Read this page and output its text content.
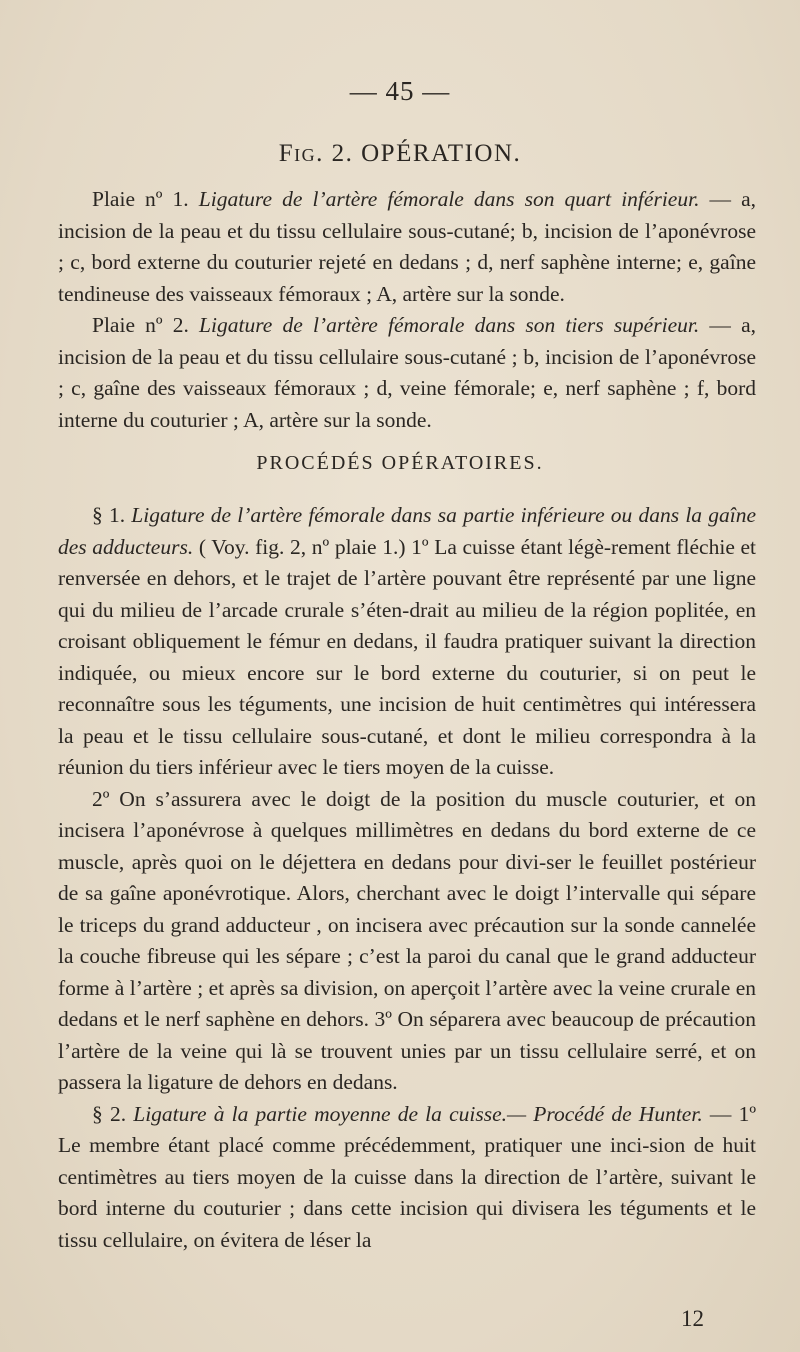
— 45 —
Fig. 2. OPÉRATION.

Plaie nº 1. Ligature de l’artère fémorale dans son quart inférieur. — a, incision de la peau et du tissu cellulaire sous-cutané; b, incision de l’aponévrose ; c, bord externe du couturier rejeté en dedans ; d, nerf saphène interne; e, gaîne tendineuse des vaisseaux fémoraux ; A, artère sur la sonde.

Plaie nº 2. Ligature de l’artère fémorale dans son tiers supérieur. — a, incision de la peau et du tissu cellulaire sous-cutané ; b, incision de l’aponévrose ; c, gaîne des vaisseaux fémoraux ; d, veine fémorale; e, nerf saphène ; f, bord interne du couturier ; A, artère sur la sonde.

PROCÉDÉS OPÉRATOIRES.

§ 1. Ligature de l’artère fémorale dans sa partie inférieure ou dans la gaîne des adducteurs. ( Voy. fig. 2, nº plaie 1.) 1º La cuisse étant légè-rement fléchie et renversée en dehors, et le trajet de l’artère pouvant être représenté par une ligne qui du milieu de l’arcade crurale s’éten-drait au milieu de la région poplitée, en croisant obliquement le fémur en dedans, il faudra pratiquer suivant la direction indiquée, ou mieux encore sur le bord externe du couturier, si on peut le reconnaître sous les téguments, une incision de huit centimètres qui intéressera la peau et le tissu cellulaire sous-cutané, et dont le milieu correspondra à la réunion du tiers inférieur avec le tiers moyen de la cuisse.

2º On s’assurera avec le doigt de la position du muscle couturier, et on incisera l’aponévrose à quelques millimètres en dedans du bord externe de ce muscle, après quoi on le déjettera en dedans pour divi-ser le feuillet postérieur de sa gaîne aponévrotique. Alors, cherchant avec le doigt l’intervalle qui sépare le triceps du grand adducteur , on incisera avec précaution sur la sonde cannelée la couche fibreuse qui les sépare ; c’est la paroi du canal que le grand adducteur forme à l’artère ; et après sa division, on aperçoit l’artère avec la veine crurale en dedans et le nerf saphène en dehors. 3º On séparera avec beaucoup de précaution l’artère de la veine qui là se trouvent unies par un tissu cellulaire serré, et on passera la ligature de dehors en dedans.

§ 2. Ligature à la partie moyenne de la cuisse.— Procédé de Hunter. — 1º Le membre étant placé comme précédemment, pratiquer une inci-sion de huit centimètres au tiers moyen de la cuisse dans la direction de l’artère, suivant le bord interne du couturier ; dans cette incision qui divisera les téguments et le tissu cellulaire, on évitera de léser la

12
